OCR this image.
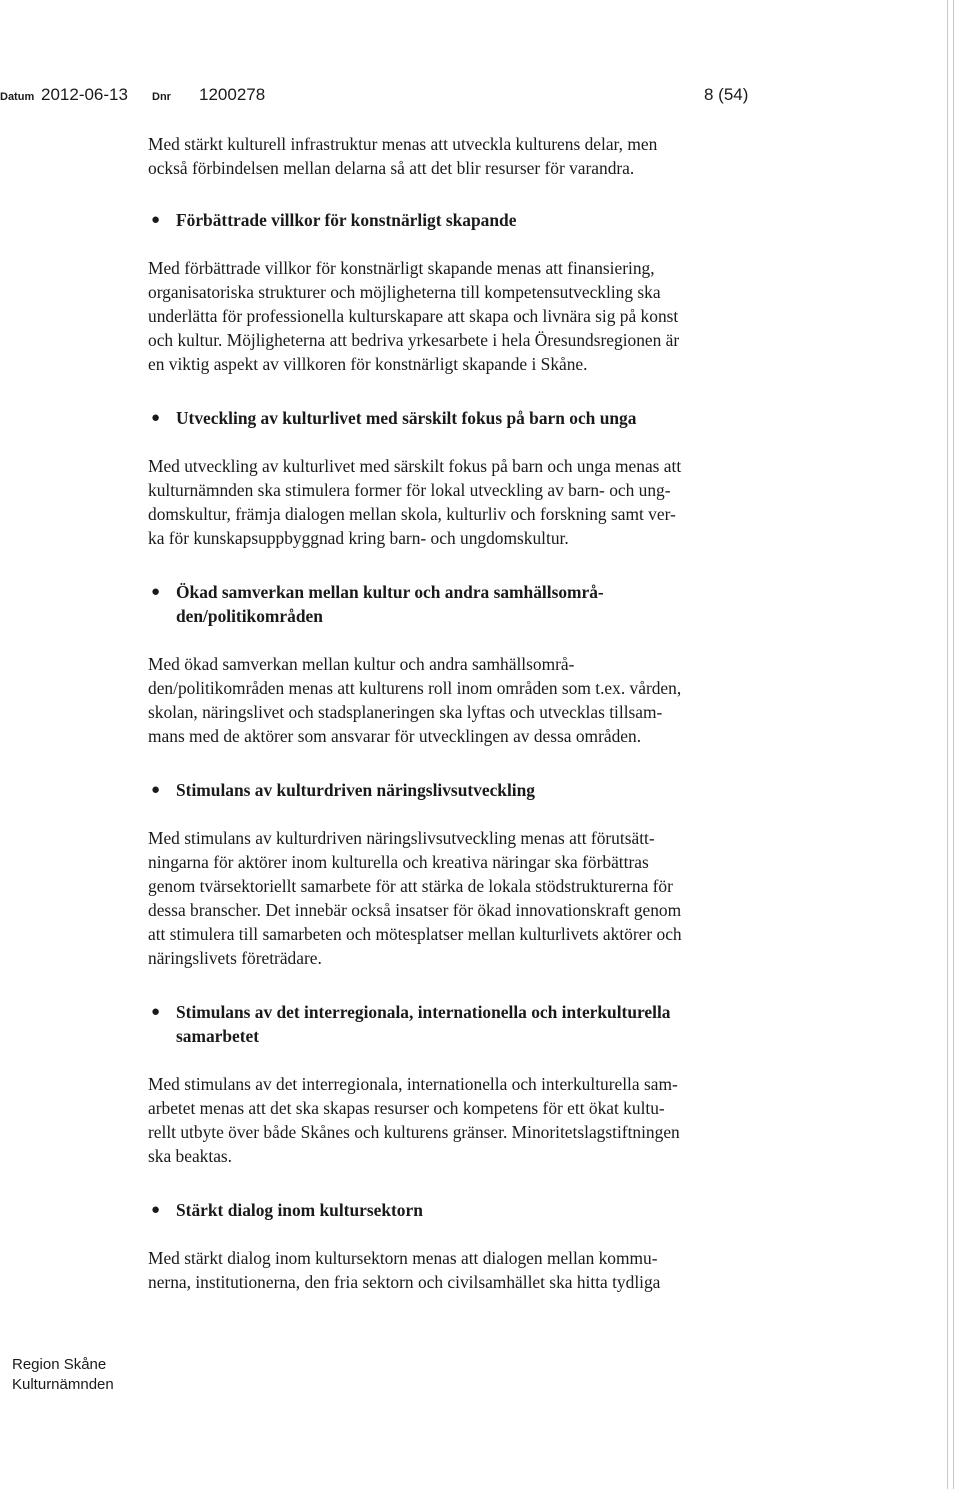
Datum 2012-06-13 Dnr 1200278	8 (54)

Med stärkt kulturell infrastruktur menas att utveckla kulturens delar, men
också förbindelsen mellan delarna så att det blir resurser för varandra.

● Förbättrade villkor för konstnärligt skapande

Med förbättrade villkor för konstnärligt skapande menas att finansiering,
organisatoriska strukturer och möjligheterna till kompetensutveckling ska
underlätta för professionella kulturskapare att skapa och livnära sig på konst
och kultur. Möjligheterna att bedriva yrkesarbete i hela Öresundsregionen är
en viktig aspekt av villkoren för konstnärligt skapande i Skåne.

● Utveckling av kulturlivet med särskilt fokus på barn och unga

Med utveckling av kulturlivet med särskilt fokus på barn och unga menas att
kulturnämnden ska stimulera former för lokal utveckling av barn- och ung-
domskultur, främja dialogen mellan skola, kulturliv och forskning samt ver-
ka för kunskapsuppbyggnad kring barn- och ungdomskultur.

● Ökad samverkan mellan kultur och andra samhällsområ-
den/politikområden

Med ökad samverkan mellan kultur och andra samhällsområ-
den/politikområden menas att kulturens roll inom områden som t.ex. vården,
skolan, näringslivet och stadsplaneringen ska lyftas och utvecklas tillsam-
mans med de aktörer som ansvarar för utvecklingen av dessa områden.

● Stimulans av kulturdriven näringslivsutveckling

Med stimulans av kulturdriven näringslivsutveckling menas att förutsätt-
ningarna för aktörer inom kulturella och kreativa näringar ska förbättras
genom tvärsektoriellt samarbete för att stärka de lokala stödstrukturerna för
dessa branscher. Det innebär också insatser för ökad innovationskraft genom
att stimulera till samarbeten och mötesplatser mellan kulturlivets aktörer och
näringslivets företrädare.

● Stimulans av det interregionala, internationella och interkulturella
samarbetet

Med stimulans av det interregionala, internationella och interkulturella sam-
arbetet menas att det ska skapas resurser och kompetens för ett ökat kultu-
rellt utbyte över både Skånes och kulturens gränser. Minoritetslagstiftningen
ska beaktas.

● Stärkt dialog inom kultursektorn

Med stärkt dialog inom kultursektorn menas att dialogen mellan kommu-
nerna, institutionerna, den fria sektorn och civilsamhället ska hitta tydliga

Region Skåne
Kulturnämnden
